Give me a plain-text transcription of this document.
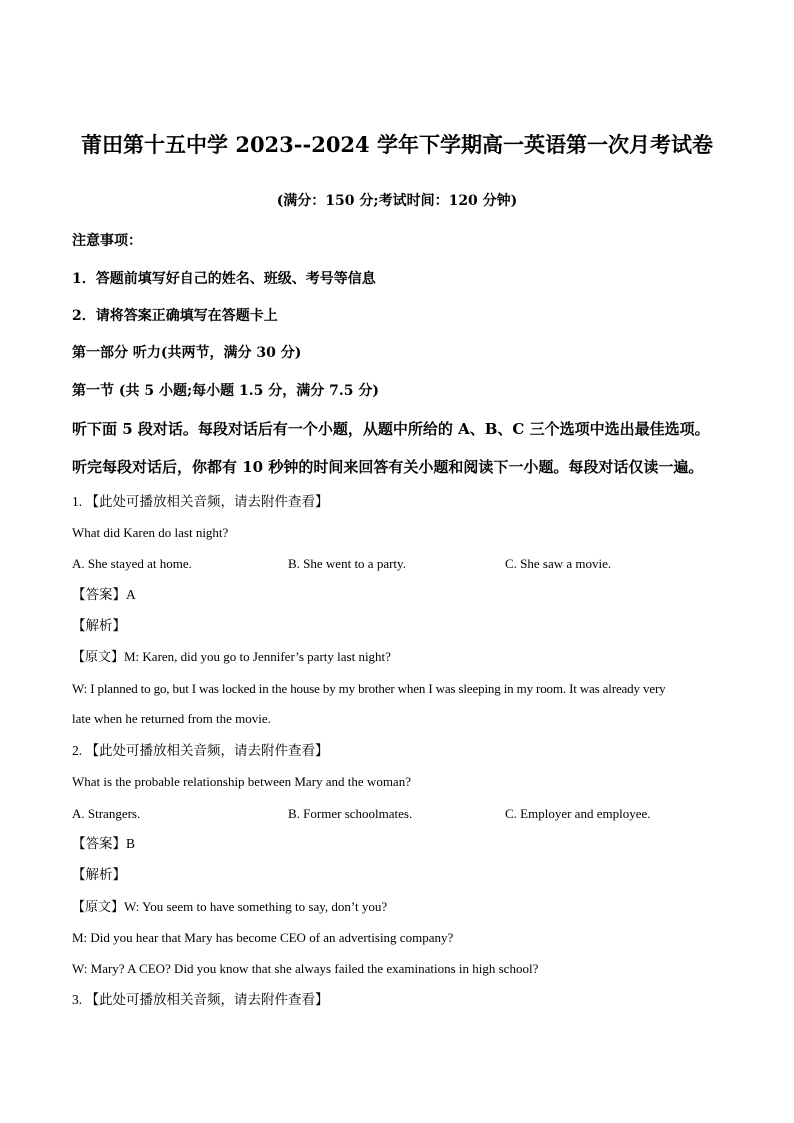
莆田第十五中学 2023--2024 学年下学期高一英语第一次月考试卷
(满分：150 分;考试时间：120 分钟)
注意事项：
1．答题前填写好自己的姓名、班级、考号等信息
2．请将答案正确填写在答题卡上
第一部分 听力(共两节，满分 30 分)
第一节 (共 5 小题;每小题 1.5 分，满分 7.5 分)
听下面 5 段对话。每段对话后有一个小题，从题中所给的 A、B、C 三个选项中选出最佳选项。
听完每段对话后，你都有 10 秒钟的时间来回答有关小题和阅读下一小题。每段对话仅读一遍。
1. 【此处可播放相关音频，请去附件查看】
What did Karen do last night?
A. She stayed at home.	B. She went to a party.	C. She saw a movie.
【答案】A
【解析】
【原文】M: Karen, did you go to Jennifer’s party last night?
W: I planned to go, but I was locked in the house by my brother when I was sleeping in my room. It was already very
late when he returned from the movie.
2. 【此处可播放相关音频，请去附件查看】
What is the probable relationship between Mary and the woman?
A. Strangers.	B. Former schoolmates.	C. Employer and employee.
【答案】B
【解析】
【原文】W: You seem to have something to say, don’t you?
M: Did you hear that Mary has become CEO of an advertising company?
W: Mary? A CEO? Did you know that she always failed the examinations in high school?
3. 【此处可播放相关音频，请去附件查看】
